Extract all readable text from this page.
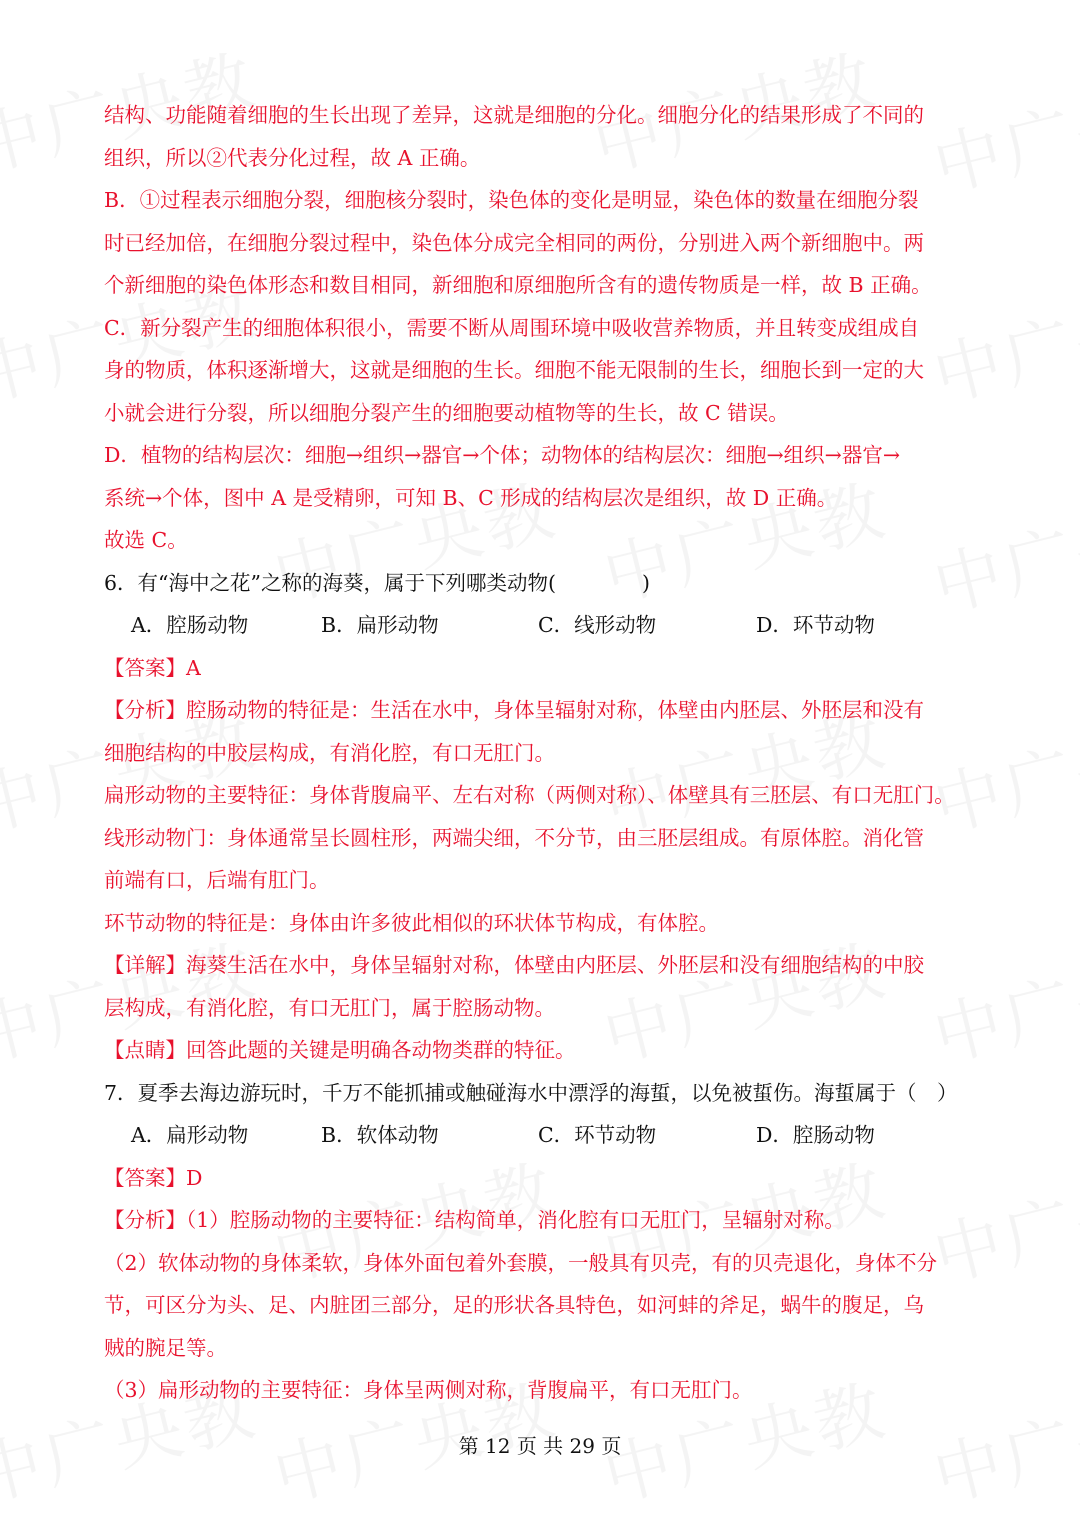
结构、功能随着细胞的生长出现了差异，这就是细胞的分化。细胞分化的结果形成了不同的
组织，所以②代表分化过程，故 A 正确。
B．①过程表示细胞分裂，细胞核分裂时，染色体的变化是明显，染色体的数量在细胞分裂
时已经加倍，在细胞分裂过程中，染色体分成完全相同的两份，分别进入两个新细胞中。两
个新细胞的染色体形态和数目相同，新细胞和原细胞所含有的遗传物质是一样，故 B 正确。
C．新分裂产生的细胞体积很小，需要不断从周围环境中吸收营养物质，并且转变成组成自
身的物质，体积逐渐增大，这就是细胞的生长。细胞不能无限制的生长，细胞长到一定的大
小就会进行分裂，所以细胞分裂产生的细胞要动植物等的生长，故 C 错误。
D．植物的结构层次：细胞→组织→器官→个体；动物体的结构层次：细胞→组织→器官→
系统→个体，图中 A 是受精卵，可知 B、C 形成的结构层次是组织，故 D 正确。
故选 C。
6．有“海中之花”之称的海葵，属于下列哪类动物(	)
A．腔肠动物	B．扁形动物	C．线形动物	D．环节动物
【答案】A
【分析】腔肠动物的特征是：生活在水中，身体呈辐射对称，体壁由内胚层、外胚层和没有
细胞结构的中胶层构成，有消化腔，有口无肛门。
扁形动物的主要特征：身体背腹扁平、左右对称（两侧对称）、体壁具有三胚层、有口无肛门。
线形动物门：身体通常呈长圆柱形，两端尖细，不分节，由三胚层组成。有原体腔。消化管
前端有口，后端有肛门。
环节动物的特征是：身体由许多彼此相似的环状体节构成，有体腔。
【详解】海葵生活在水中，身体呈辐射对称，体壁由内胚层、外胚层和没有细胞结构的中胶
层构成，有消化腔，有口无肛门，属于腔肠动物。
【点睛】回答此题的关键是明确各动物类群的特征。
7．夏季去海边游玩时，千万不能抓捕或触碰海水中漂浮的海蜇，以免被蜇伤。海蜇属于（　）
A．扁形动物	B．软体动物	C．环节动物	D．腔肠动物
【答案】D
【分析】（1）腔肠动物的主要特征：结构简单，消化腔有口无肛门，呈辐射对称。
（2）软体动物的身体柔软，身体外面包着外套膜，一般具有贝壳，有的贝壳退化，身体不分
节，可区分为头、足、内脏团三部分，足的形状各具特色，如河蚌的斧足，蜗牛的腹足，乌
贼的腕足等。
（3）扁形动物的主要特征：身体呈两侧对称，背腹扁平，有口无肛门。
第 12 页 共 29 页
